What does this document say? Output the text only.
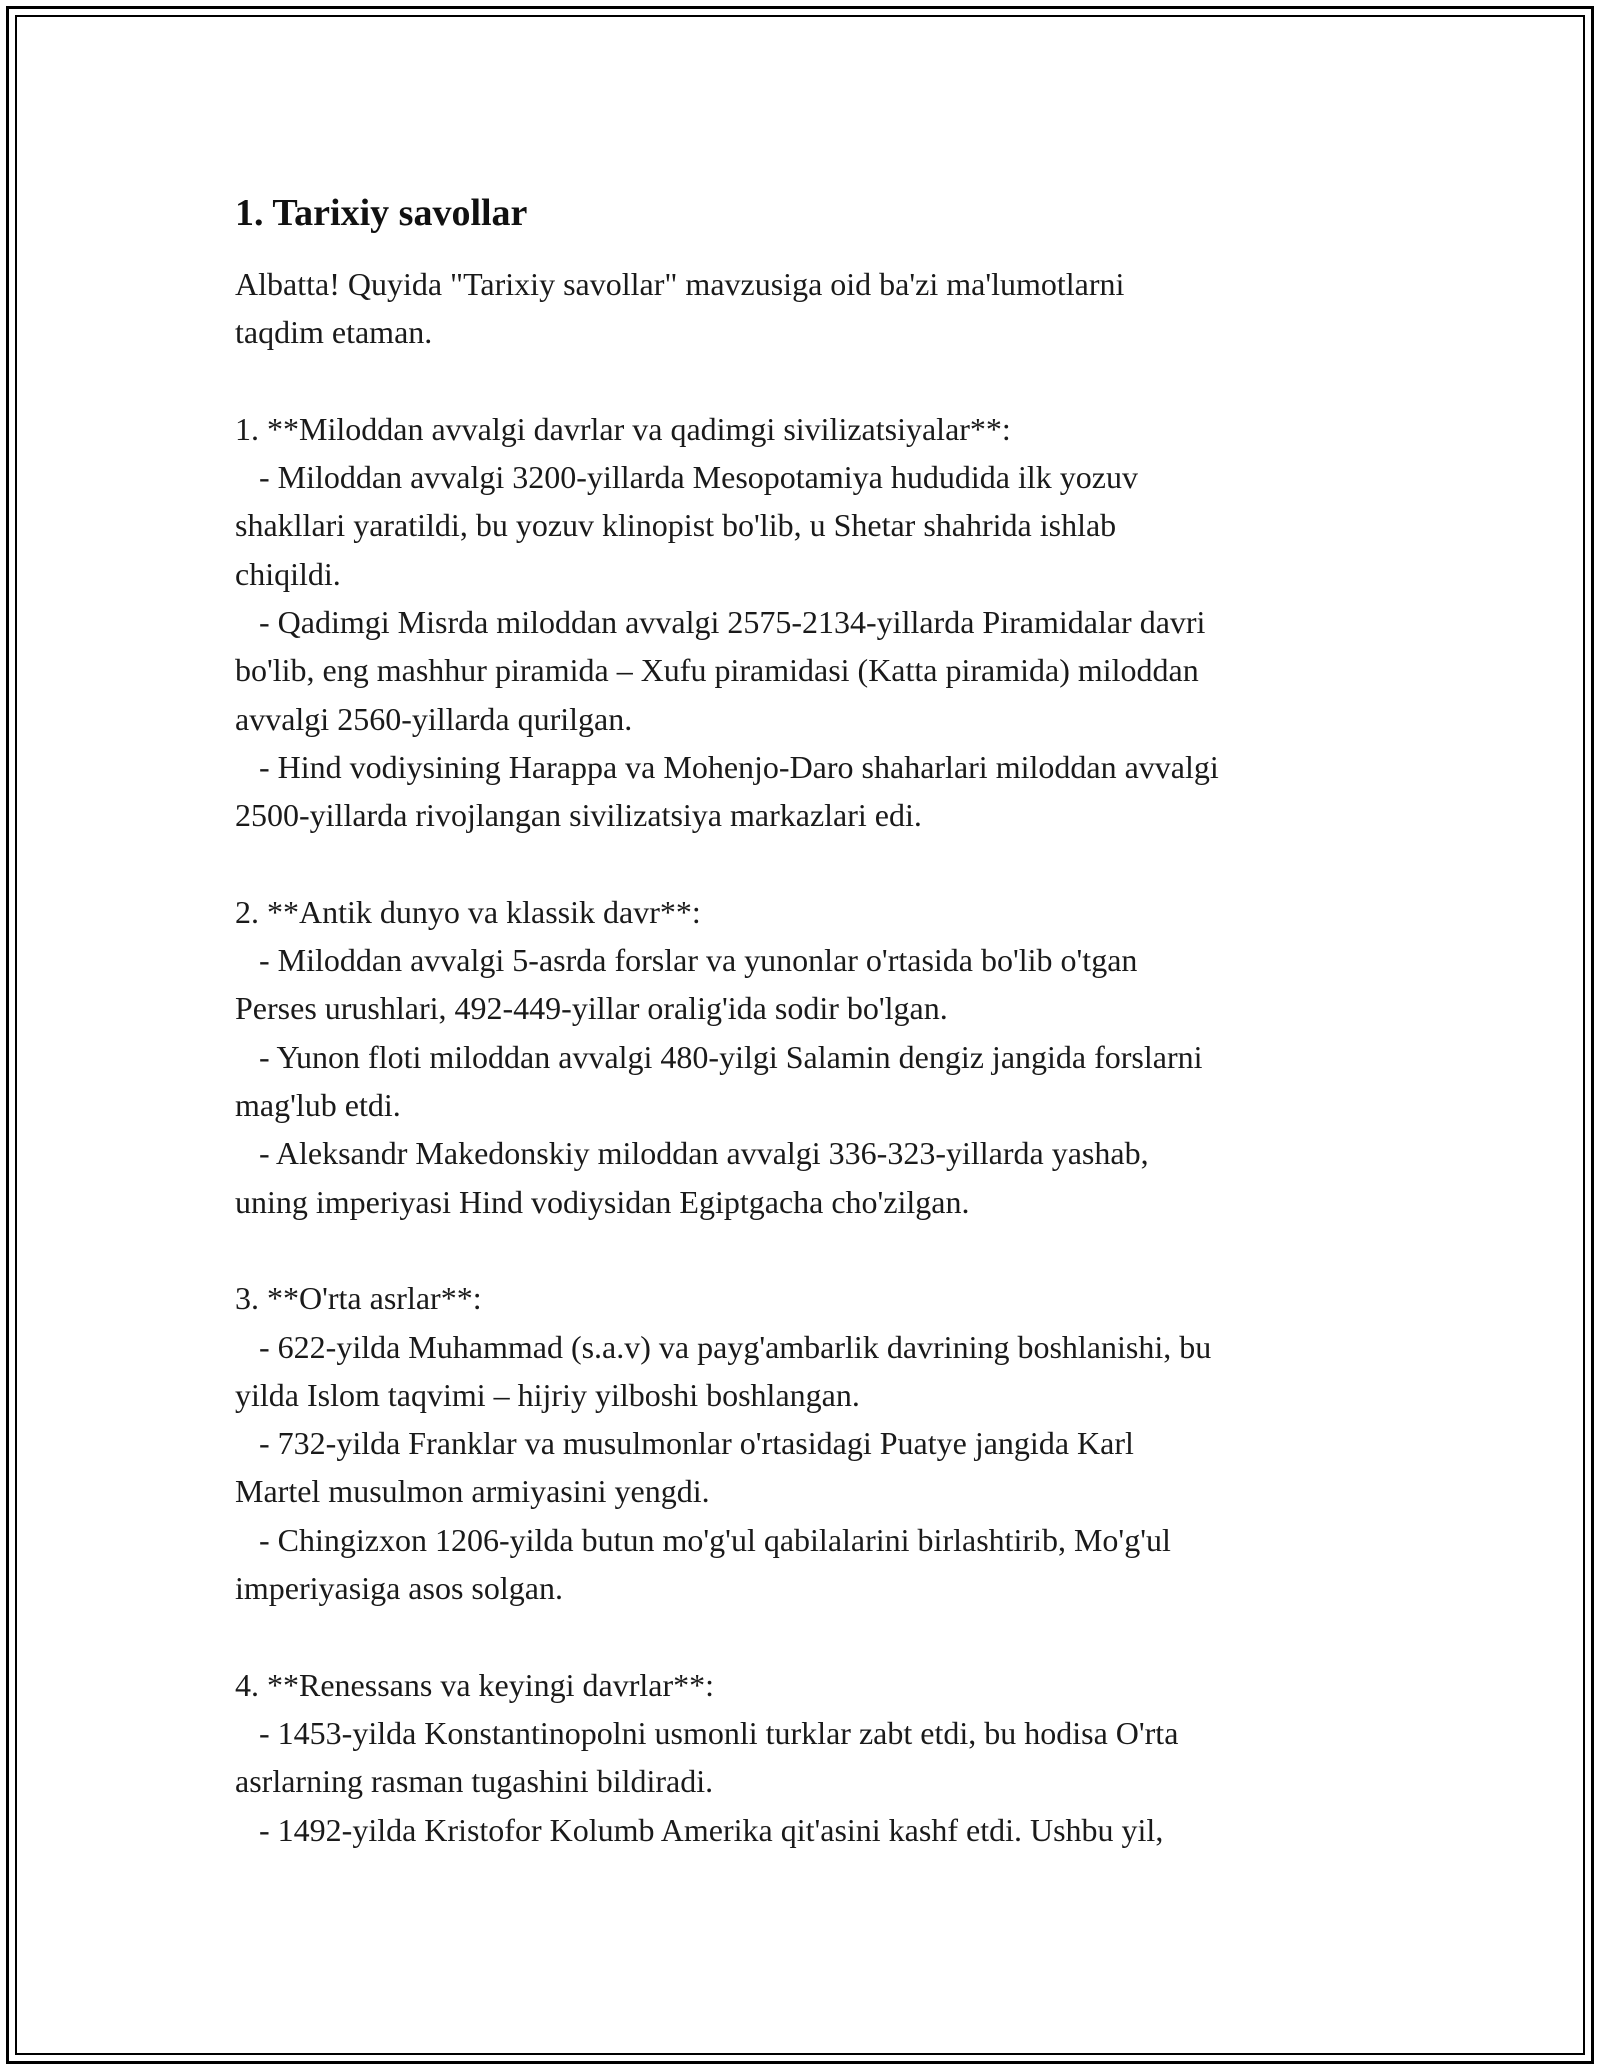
1. Tarixiy savollar

Albatta! Quyida "Tarixiy savollar" mavzusiga oid ba'zi ma'lumotlarni
taqdim etaman.

1. **Miloddan avvalgi davrlar va qadimgi sivilizatsiyalar**:
- Miloddan avvalgi 3200-yillarda Mesopotamiya hududida ilk yozuv
shakllari yaratildi, bu yozuv klinopist bo'lib, u Shetar shahrida ishlab
chiqildi.
- Qadimgi Misrda miloddan avvalgi 2575-2134-yillarda Piramidalar davri
bo'lib, eng mashhur piramida – Xufu piramidasi (Katta piramida) miloddan
avvalgi 2560-yillarda qurilgan.
- Hind vodiysining Harappa va Mohenjo-Daro shaharlari miloddan avvalgi
2500-yillarda rivojlangan sivilizatsiya markazlari edi.

2. **Antik dunyo va klassik davr**:
- Miloddan avvalgi 5-asrda forslar va yunonlar o'rtasida bo'lib o'tgan
Perses urushlari, 492-449-yillar oralig'ida sodir bo'lgan.
- Yunon floti miloddan avvalgi 480-yilgi Salamin dengiz jangida forslarni
mag'lub etdi.
- Aleksandr Makedonskiy miloddan avvalgi 336-323-yillarda yashab,
uning imperiyasi Hind vodiysidan Egiptgacha cho'zilgan.

3. **O'rta asrlar**:
- 622-yilda Muhammad (s.a.v) va payg'ambarlik davrining boshlanishi, bu
yilda Islom taqvimi – hijriy yilboshi boshlangan.
- 732-yilda Franklar va musulmonlar o'rtasidagi Puatye jangida Karl
Martel musulmon armiyasini yengdi.
- Chingizxon 1206-yilda butun mo'g'ul qabilalarini birlashtirib, Mo'g'ul
imperiyasiga asos solgan.

4. **Renessans va keyingi davrlar**:
- 1453-yilda Konstantinopolni usmonli turklar zabt etdi, bu hodisa O'rta
asrlarning rasman tugashini bildiradi.
- 1492-yilda Kristofor Kolumb Amerika qit'asini kashf etdi. Ushbu yil,
